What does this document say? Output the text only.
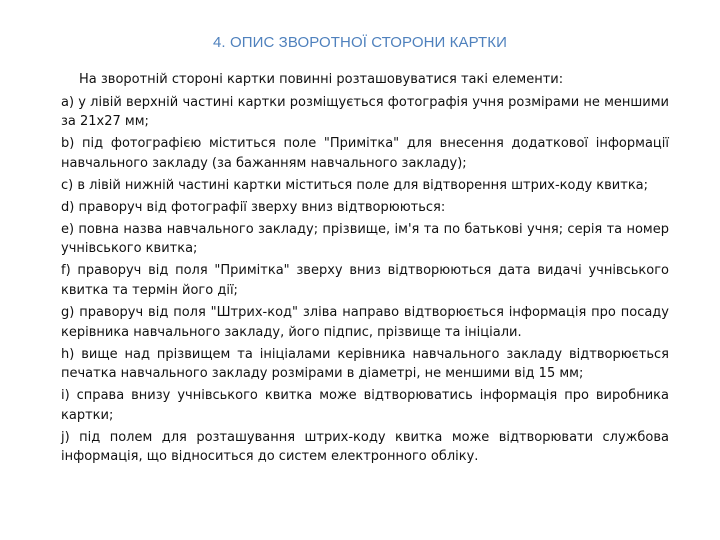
4. ОПИС ЗВОРОТНОЇ СТОРОНИ КАРТКИ

На зворотній стороні картки повинні розташовуватися такі елементи:

a) у лівій верхній частині картки розміщується фотографія учня розмірами не меншими за 21x27 мм;

b) під фотографією міститься поле "Примітка" для внесення додаткової інформації навчального закладу (за бажанням навчального закладу);

c) в лівій нижній частині картки міститься поле для відтворення штрих-коду квитка;

d) праворуч від фотографії зверху вниз відтворюються:

e) повна назва навчального закладу; прізвище, ім'я та по батькові учня; серія та номер учнівського квитка;

f) праворуч від поля "Примітка" зверху вниз відтворюються дата видачі учнівського квитка та термін його дії;

g) праворуч від поля "Штрих-код" зліва направо відтворюється інформація про посаду керівника навчального закладу, його підпис, прізвище та ініціали.

h) вище над прізвищем та ініціалами керівника навчального закладу відтворюється печатка навчального закладу розмірами в діаметрі, не меншими від 15 мм;

i) справа внизу учнівського квитка може відтворюватись інформація про виробника картки;

j) під полем для розташування штрих-коду квитка може відтворювати службова інформація, що відноситься до систем електронного обліку.
